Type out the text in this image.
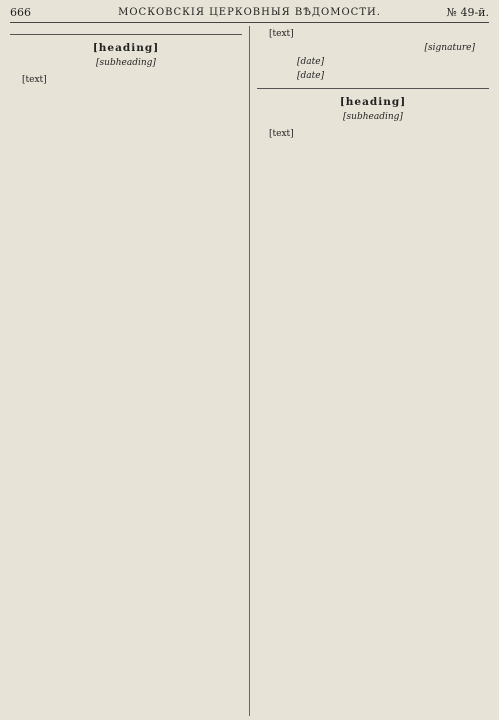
666	МОСКОВСКІЯ ЦЕРКОВНЫЯ ВѢДОМОСТИ.	№ 49-й.
[heading]
[subheading]

[text]

[text]

[signature]
[date]
[date]
[heading]
[subheading]

[text]
